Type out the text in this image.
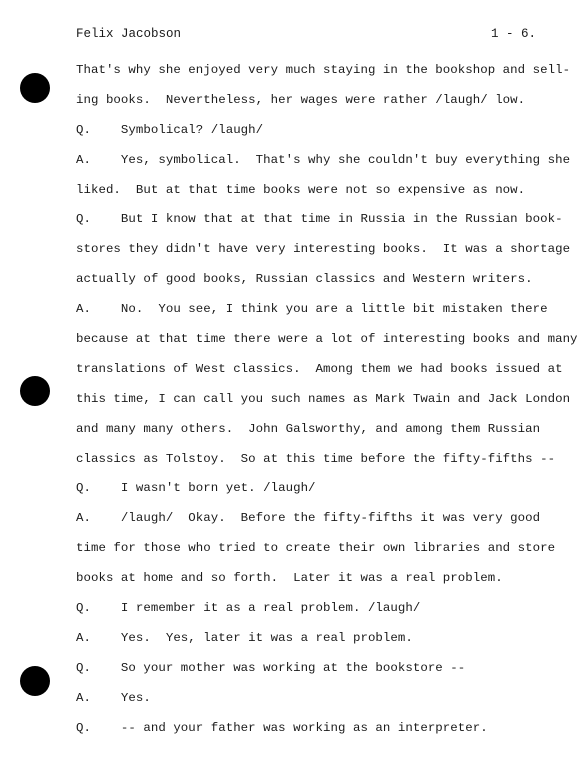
Felix Jacobson	1 - 6.
That's why she enjoyed very much staying in the bookshop and sell-
ing books.  Nevertheless, her wages were rather /laugh/ low.
Q.    Symbolical? /laugh/
A.    Yes, symbolical.  That's why she couldn't buy everything she
liked.  But at that time books were not so expensive as now.
Q.    But I know that at that time in Russia in the Russian book-
stores they didn't have very interesting books.  It was a shortage
actually of good books, Russian classics and Western writers.
A.    No.  You see, I think you are a little bit mistaken there
because at that time there were a lot of interesting books and many
translations of West classics.  Among them we had books issued at
this time, I can call you such names as Mark Twain and Jack London
and many many others.  John Galsworthy, and among them Russian
classics as Tolstoy.  So at this time before the fifty-fifths --
Q.    I wasn't born yet. /laugh/
A.    /laugh/  Okay.  Before the fifty-fifths it was very good
time for those who tried to create their own libraries and store
books at home and so forth.  Later it was a real problem.
Q.    I remember it as a real problem. /laugh/
A.    Yes.  Yes, later it was a real problem.
Q.    So your mother was working at the bookstore --
A.    Yes.
Q.    -- and your father was working as an interpreter.
